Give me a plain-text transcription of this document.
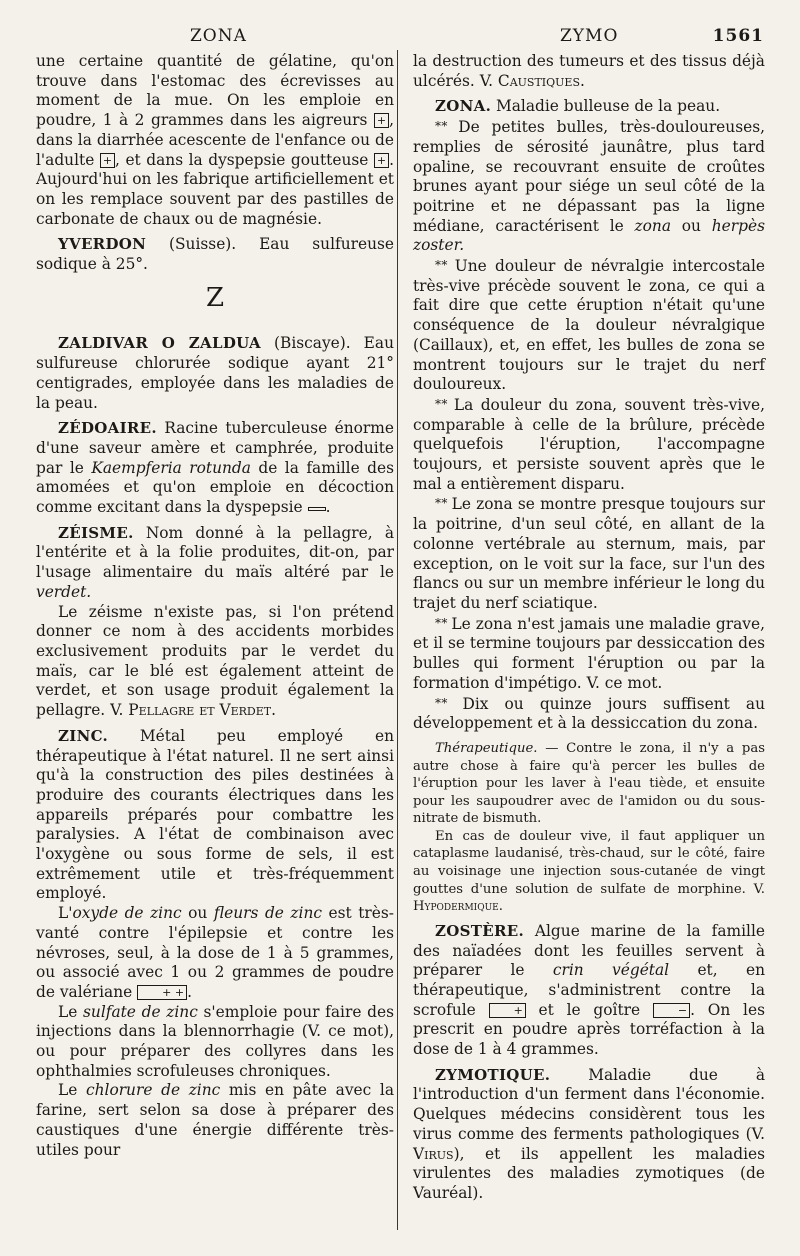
ZONA	ZYMO	1561

une certaine quantité de gélatine, qu'on trouve dans l'estomac des écrevisses au moment de la mue. On les emploie en poudre, 1 à 2 grammes dans les aigreurs + , dans la diarrhée acescente de l'enfance ou de l'adulte + , et dans la dyspepsie goutteuse + . Aujourd'hui on les fabrique artificiellement et on les remplace souvent par des pastilles de carbonate de chaux ou de magnésie.

YVERDON (Suisse). Eau sulfureuse sodique à 25°.

Z

ZALDIVAR O ZALDUA (Biscaye). Eau sulfureuse chlorurée sodique ayant 21° centigrades, employée dans les maladies de la peau.

ZÉDOAIRE. Racine tuberculeuse énorme d'une saveur amère et camphrée, produite par le Kaempferia rotunda de la famille des amomées et qu'on emploie en décoction comme excitant dans la dyspepsie .

ZÉISME. Nom donné à la pellagre, à l'entérite et à la folie produites, dit-on, par l'usage alimentaire du maïs altéré par le verdet.

Le zéisme n'existe pas, si l'on prétend donner ce nom à des accidents morbides exclusivement produits par le verdet du maïs, car le blé est également atteint de verdet, et son usage produit également la pellagre. V. Pellagre et Verdet.

ZINC. Métal peu employé en thérapeutique à l'état naturel. Il ne sert ainsi qu'à la construction des piles destinées à produire des courants électriques dans les appareils préparés pour combattre les paralysies. A l'état de combinaison avec l'oxygène ou sous forme de sels, il est extrêmement utile et très-fréquemment employé.

L'oxyde de zinc ou fleurs de zinc est très-vanté contre l'épilepsie et contre les névroses, seul, à la dose de 1 à 5 grammes, ou associé avec 1 ou 2 grammes de poudre de valériane + + .

Le sulfate de zinc s'emploie pour faire des injections dans la blennorrhagie (V. ce mot), ou pour préparer des collyres dans les ophthalmies scrofuleuses chroniques.

Le chlorure de zinc mis en pâte avec la farine, sert selon sa dose à préparer des caustiques d'une énergie différente très-utiles pour

la destruction des tumeurs et des tissus déjà ulcérés. V. Caustiques.

ZONA. Maladie bulleuse de la peau.

* * De petites bulles, très-douloureuses, remplies de sérosité jaunâtre, plus tard opaline, se recouvrant ensuite de croûtes brunes ayant pour siége un seul côté de la poitrine et ne dépassant pas la ligne médiane, caractérisent le zona ou herpès zoster.

* * Une douleur de névralgie intercostale très-vive précède souvent le zona, ce qui a fait dire que cette éruption n'était qu'une conséquence de la douleur névralgique (Caillaux), et, en effet, les bulles de zona se montrent toujours sur le trajet du nerf douloureux.

* * La douleur du zona, souvent très-vive, comparable à celle de la brûlure, précède quelquefois l'éruption, l'accompagne toujours, et persiste souvent après que le mal a entièrement disparu.

* * Le zona se montre presque toujours sur la poitrine, d'un seul côté, en allant de la colonne vertébrale au sternum, mais, par exception, on le voit sur la face, sur l'un des flancs ou sur un membre inférieur le long du trajet du nerf sciatique.

* * Le zona n'est jamais une maladie grave, et il se termine toujours par dessiccation des bulles qui forment l'éruption ou par la formation d'impétigo. V. ce mot.

* * Dix ou quinze jours suffisent au développement et à la dessiccation du zona.

Thérapeutique. — Contre le zona, il n'y a pas autre chose à faire qu'à percer les bulles de l'éruption pour les laver à l'eau tiède, et ensuite pour les saupoudrer avec de l'amidon ou du sous-nitrate de bismuth.

En cas de douleur vive, il faut appliquer un cataplasme laudanisé, très-chaud, sur le côté, faire au voisinage une injection sous-cutanée de vingt gouttes d'une solution de sulfate de morphine. V. Hypodermique.

ZOSTÈRE. Algue marine de la famille des naïadées dont les feuilles servent à préparer le crin végétal et, en thérapeutique, s'administrent contre la scrofule + et le goître − . On les prescrit en poudre après torréfaction à la dose de 1 à 4 grammes.

ZYMOTIQUE. Maladie due à l'introduction d'un ferment dans l'économie. Quelques médecins considèrent tous les virus comme des ferments pathologiques (V. Virus), et ils appellent les maladies virulentes des maladies zymotiques (de Vauréal).
